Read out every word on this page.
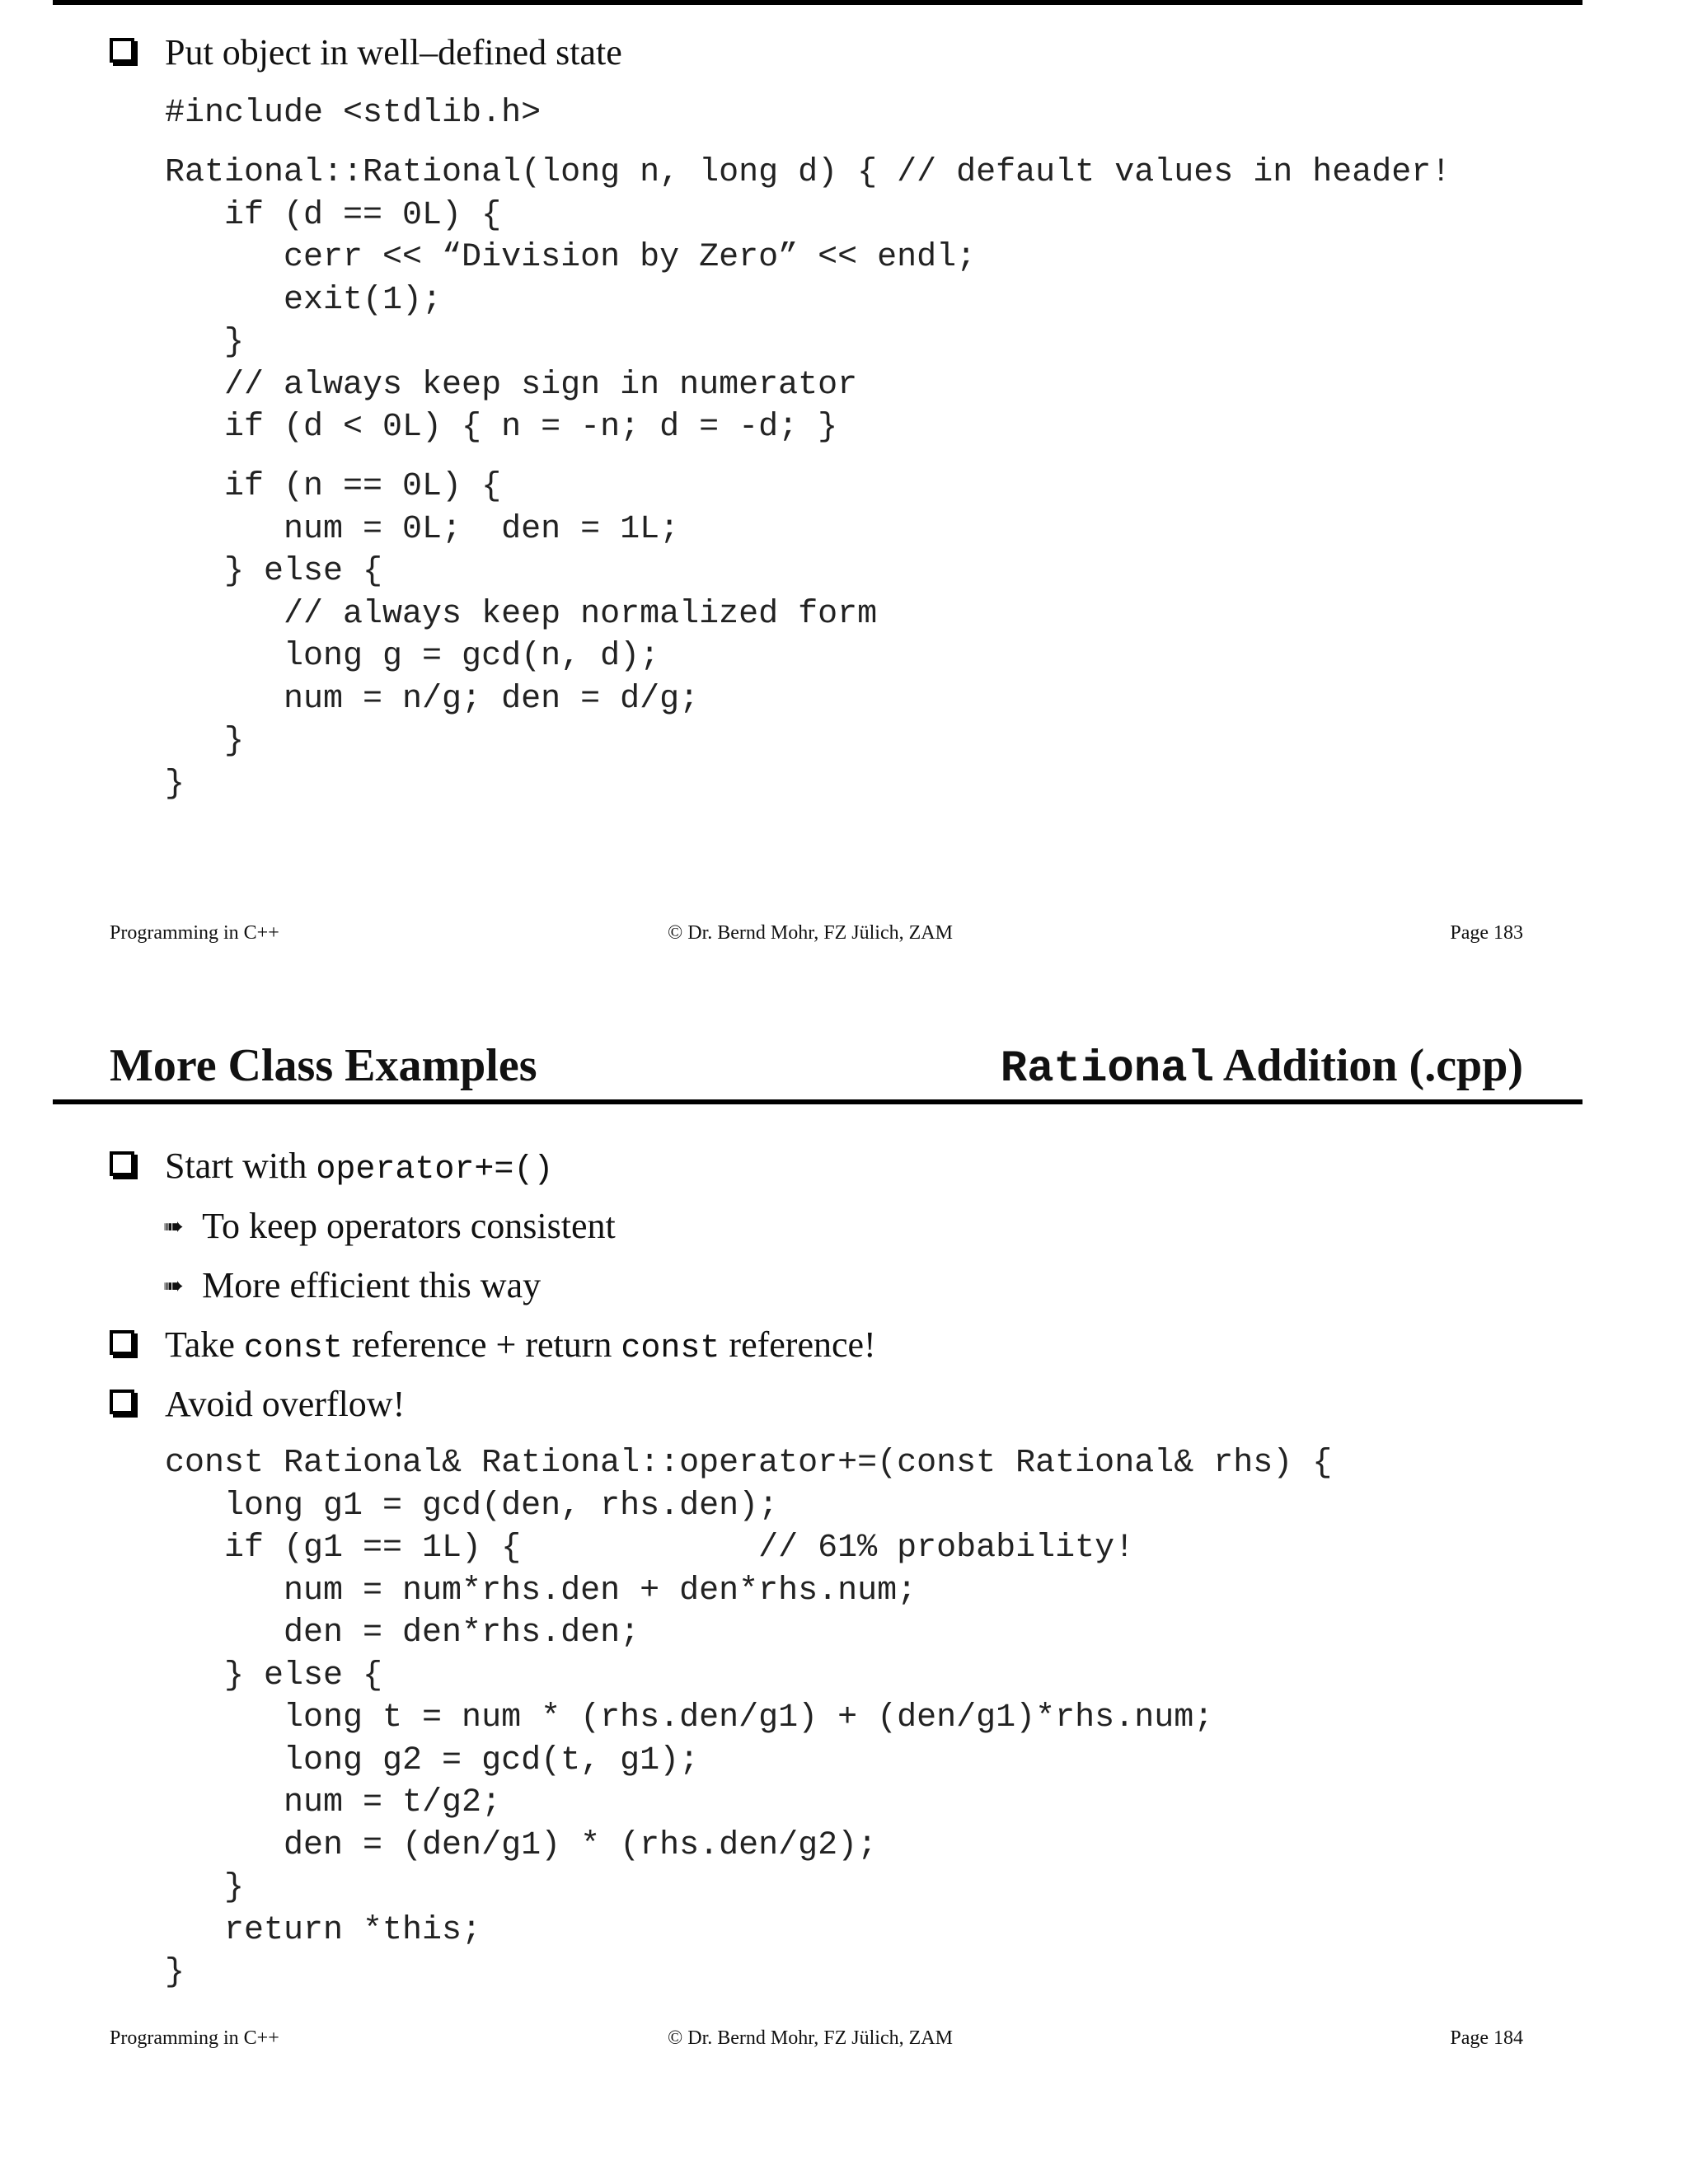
Put object in well–defined state
#include <stdlib.h>
Rational::Rational(long n, long d) { // default values in header!
if (d == 0L) {
cerr << “Division by Zero” << endl;
exit(1);
}
// always keep sign in numerator
if (d < 0L) { n = -n; d = -d; }
if (n == 0L) {
num = 0L;  den = 1L;
} else {
// always keep normalized form
long g = gcd(n, d);
num = n/g; den = d/g;
}
}
Programming in C++	© Dr. Bernd Mohr, FZ Jülich, ZAM	Page 183
More Class Examples	Rational Addition (.cpp)
Start with operator+=()
➠ To keep operators consistent
➠ More efficient this way
Take const reference + return const reference!
Avoid overflow!
const Rational& Rational::operator+=(const Rational& rhs) {
long g1 = gcd(den, rhs.den);
if (g1 == 1L) {            // 61% probability!
num = num*rhs.den + den*rhs.num;
den = den*rhs.den;
} else {
long t = num * (rhs.den/g1) + (den/g1)*rhs.num;
long g2 = gcd(t, g1);
num = t/g2;
den = (den/g1) * (rhs.den/g2);
}
return *this;
}
Programming in C++	© Dr. Bernd Mohr, FZ Jülich, ZAM	Page 184
